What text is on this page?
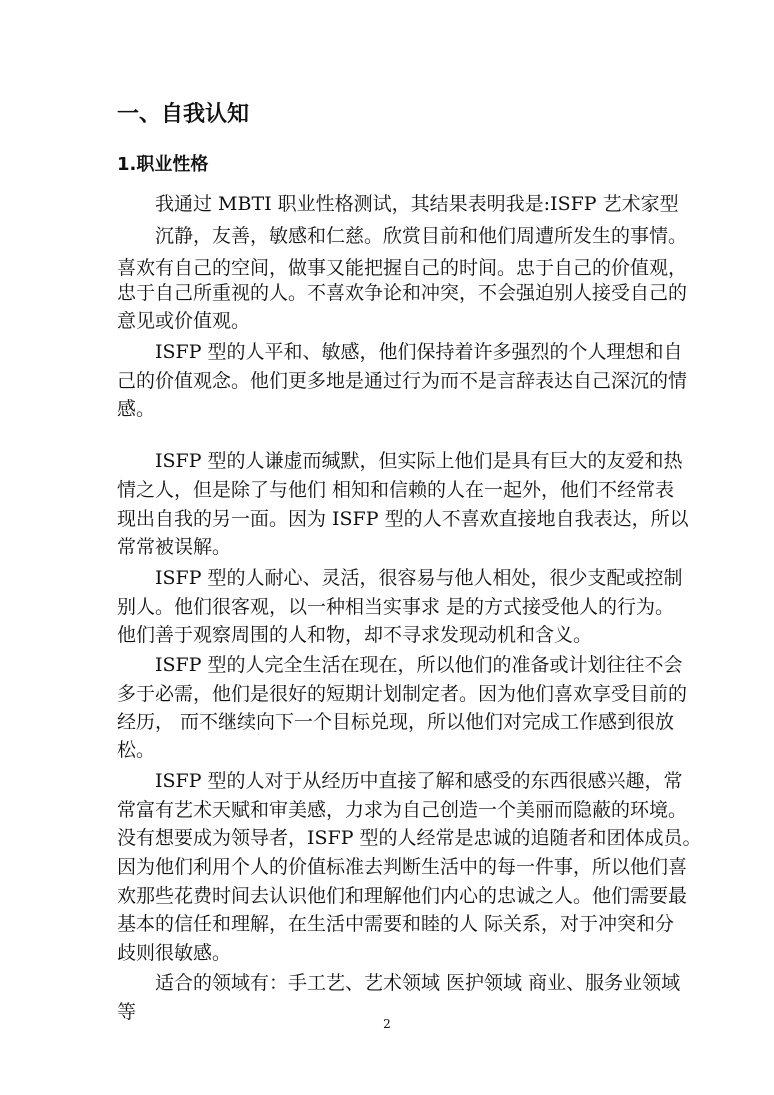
一、自我认知
1.职业性格
我通过 MBTI 职业性格测试，其结果表明我是:ISFP 艺术家型
沉静，友善，敏感和仁慈。欣赏目前和他们周遭所发生的事情。
喜欢有自己的空间，做事又能把握自己的时间。忠于自己的价值观，
忠于自己所重视的人。不喜欢争论和冲突，不会强迫别人接受自己的
意见或价值观。
ISFP 型的人平和、敏感，他们保持着许多强烈的个人理想和自
己的价值观念。他们更多地是通过行为而不是言辞表达自己深沉的情
感。
ISFP 型的人谦虚而缄默，但实际上他们是具有巨大的友爱和热
情之人，但是除了与他们 相知和信赖的人在一起外，他们不经常表
现出自我的另一面。因为 ISFP 型的人不喜欢直接地自我表达，所以
常常被误解。
ISFP 型的人耐心、灵活，很容易与他人相处，很少支配或控制
别人。他们很客观，以一种相当实事求 是的方式接受他人的行为。
他们善于观察周围的人和物，却不寻求发现动机和含义。
ISFP 型的人完全生活在现在，所以他们的准备或计划往往不会
多于必需，他们是很好的短期计划制定者。因为他们喜欢享受目前的
经历， 而不继续向下一个目标兑现，所以他们对完成工作感到很放
松。
ISFP 型的人对于从经历中直接了解和感受的东西很感兴趣，常
常富有艺术天赋和审美感，力求为自己创造一个美丽而隐蔽的环境。
没有想要成为领导者，ISFP 型的人经常是忠诚的追随者和团体成员。
因为他们利用个人的价值标准去判断生活中的每一件事，所以他们喜
欢那些花费时间去认识他们和理解他们内心的忠诚之人。他们需要最
基本的信任和理解，在生活中需要和睦的人 际关系，对于冲突和分
歧则很敏感。
适合的领域有：手工艺、艺术领域 医护领域 商业、服务业领域
等
2
